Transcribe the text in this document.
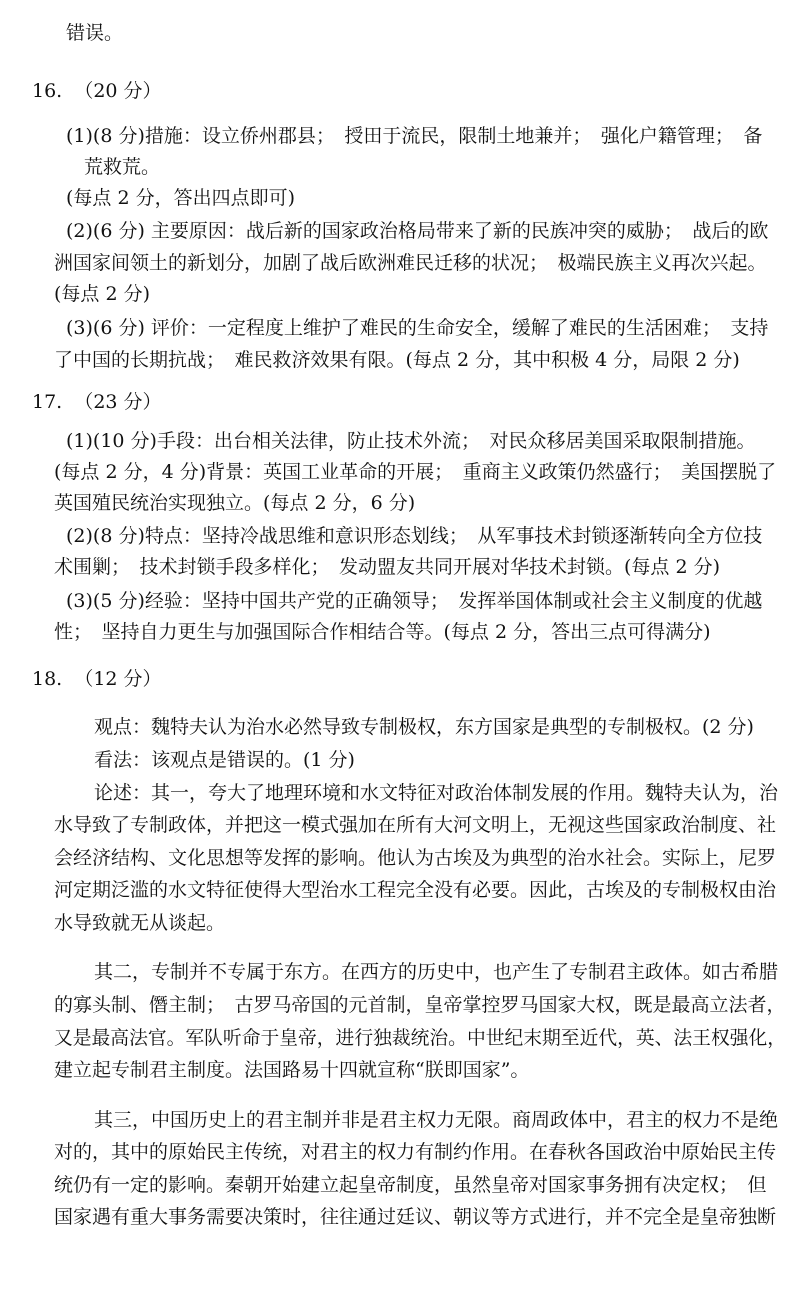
错误。
16. （20 分）
(1)(8 分)措施：设立侨州郡县；　授田于流民，限制土地兼并；　强化户籍管理；　备
荒救荒。
(每点 2 分，答出四点即可)
(2)(6 分) 主要原因：战后新的国家政治格局带来了新的民族冲突的威胁；　战后的欧
洲国家间领土的新划分，加剧了战后欧洲难民迁移的状况；　极端民族主义再次兴起。
(每点 2 分)
(3)(6 分) 评价：一定程度上维护了难民的生命安全，缓解了难民的生活困难；　支持
了中国的长期抗战；　难民救济效果有限。(每点 2 分，其中积极 4 分，局限 2 分)
17. （23 分）
(1)(10 分)手段：出台相关法律，防止技术外流；　对民众移居美国采取限制措施。
(每点 2 分，4 分)背景：英国工业革命的开展；　重商主义政策仍然盛行；　美国摆脱了
英国殖民统治实现独立。(每点 2 分，6 分)
(2)(8 分)特点：坚持冷战思维和意识形态划线；　从军事技术封锁逐渐转向全方位技
术围剿；　技术封锁手段多样化；　发动盟友共同开展对华技术封锁。(每点 2 分)
(3)(5 分)经验：坚持中国共产党的正确领导；　发挥举国体制或社会主义制度的优越
性；　坚持自力更生与加强国际合作相结合等。(每点 2 分，答出三点可得满分)
18. （12 分）
观点：魏特夫认为治水必然导致专制极权，东方国家是典型的专制极权。(2 分)
看法：该观点是错误的。(1 分)
论述：其一，夸大了地理环境和水文特征对政治体制发展的作用。魏特夫认为，治
水导致了专制政体，并把这一模式强加在所有大河文明上，无视这些国家政治制度、社
会经济结构、文化思想等发挥的影响。他认为古埃及为典型的治水社会。实际上，尼罗
河定期泛滥的水文特征使得大型治水工程完全没有必要。因此，古埃及的专制极权由治
水导致就无从谈起。
其二，专制并不专属于东方。在西方的历史中，也产生了专制君主政体。如古希腊
的寡头制、僭主制；　古罗马帝国的元首制，皇帝掌控罗马国家大权，既是最高立法者，
又是最高法官。军队听命于皇帝，进行独裁统治。中世纪末期至近代，英、法王权强化，
建立起专制君主制度。法国路易十四就宣称“朕即国家”。
其三，中国历史上的君主制并非是君主权力无限。商周政体中，君主的权力不是绝
对的，其中的原始民主传统，对君主的权力有制约作用。在春秋各国政治中原始民主传
统仍有一定的影响。秦朝开始建立起皇帝制度，虽然皇帝对国家事务拥有决定权；　但
国家遇有重大事务需要决策时，往往通过廷议、朝议等方式进行，并不完全是皇帝独断
